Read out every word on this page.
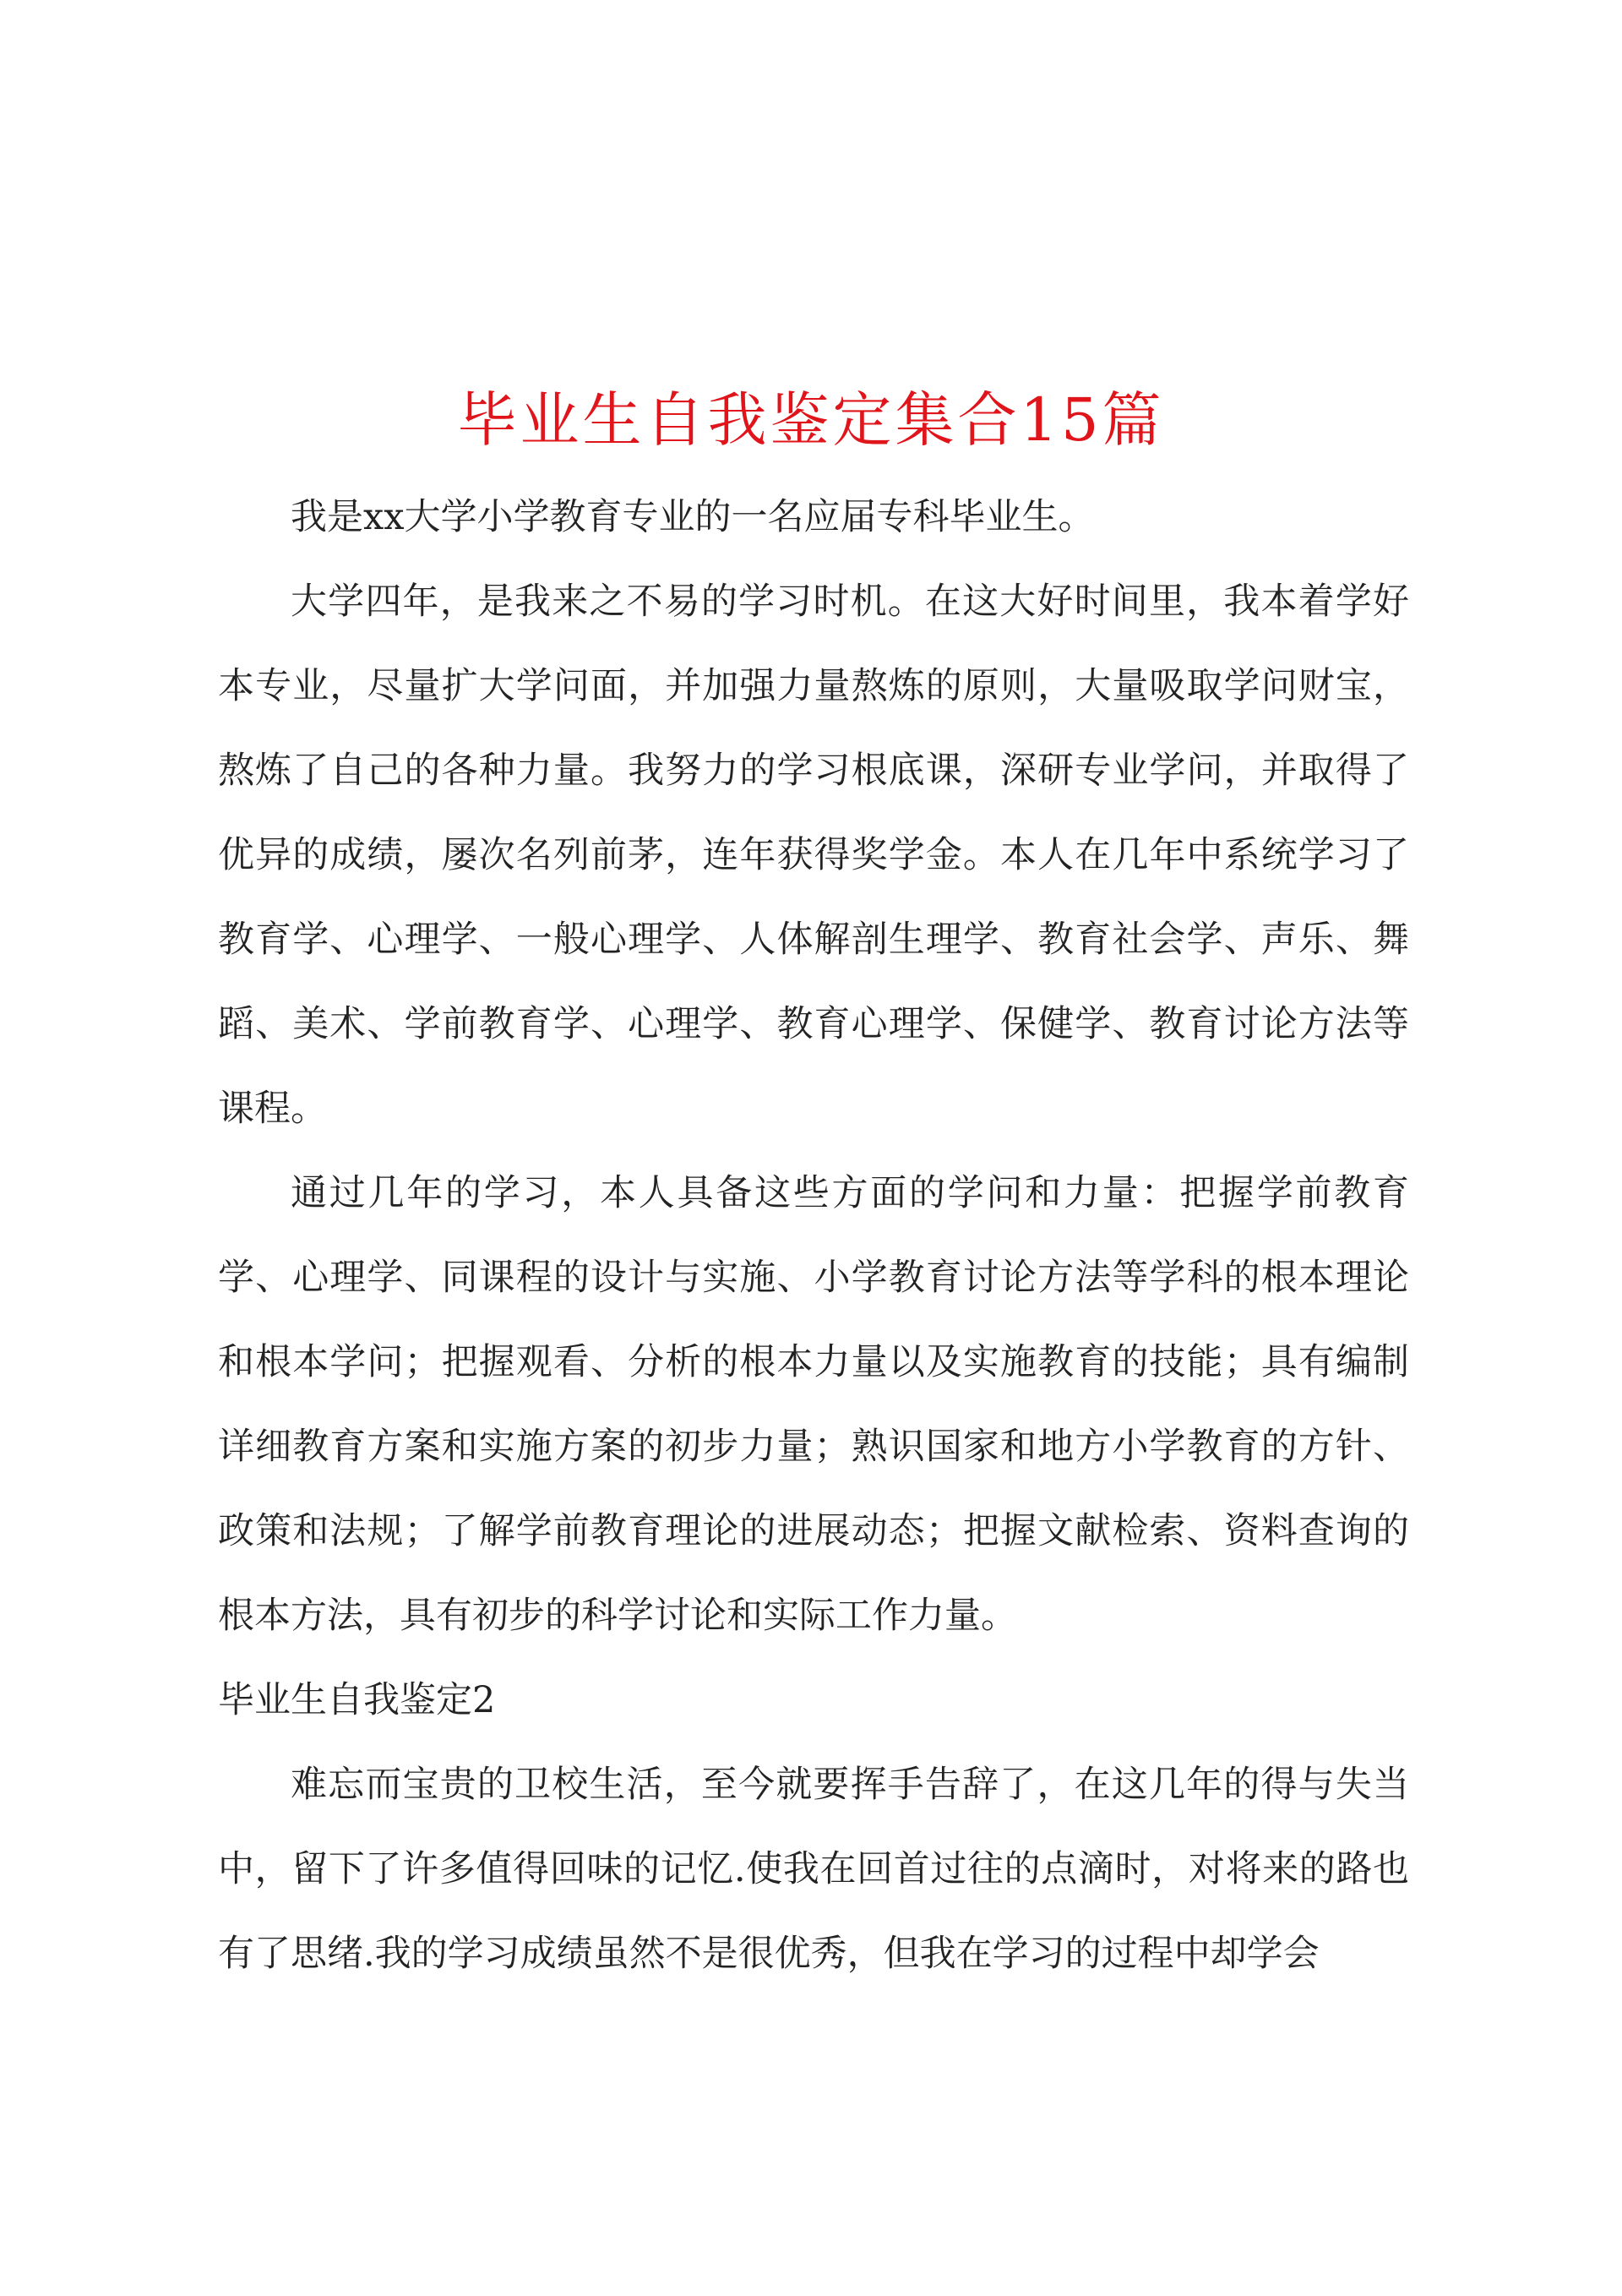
毕业生自我鉴定集合15篇

我是xx大学小学教育专业的一名应届专科毕业生。

大学四年，是我来之不易的学习时机。在这大好时间里，我本着学好本专业，尽量扩大学问面，并加强力量熬炼的原则，大量吸取学问财宝，熬炼了自己的各种力量。我努力的学习根底课，深研专业学问，并取得了优异的成绩，屡次名列前茅，连年获得奖学金。本人在几年中系统学习了教育学、心理学、一般心理学、人体解剖生理学、教育社会学、声乐、舞蹈、美术、学前教育学、心理学、教育心理学、保健学、教育讨论方法等课程。

通过几年的学习，本人具备这些方面的学问和力量：把握学前教育学、心理学、同课程的设计与实施、小学教育讨论方法等学科的根本理论和根本学问；把握观看、分析的根本力量以及实施教育的技能；具有编制详细教育方案和实施方案的初步力量；熟识国家和地方小学教育的方针、政策和法规；了解学前教育理论的进展动态；把握文献检索、资料查询的根本方法，具有初步的科学讨论和实际工作力量。

毕业生自我鉴定2

难忘而宝贵的卫校生活，至今就要挥手告辞了，在这几年的得与失当中，留下了许多值得回味的记忆.使我在回首过往的点滴时，对将来的路也有了思绪.我的学习成绩虽然不是很优秀，但我在学习的过程中却学会
